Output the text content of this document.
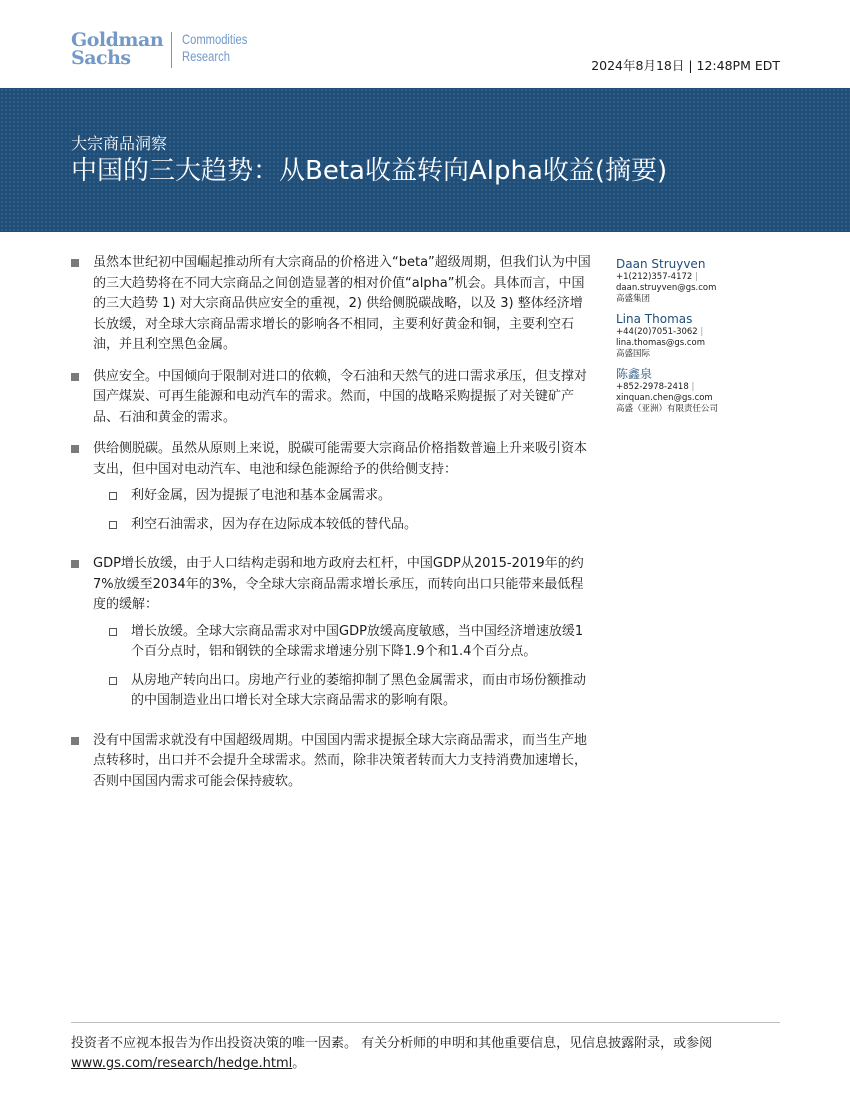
Goldman
Sachs
Commodities
Research
2024年8月18日 | 12:48PM EDT
大宗商品洞察
中国的三大趋势：从Beta收益转向Alpha收益(摘要)
虽然本世纪初中国崛起推动所有大宗商品的价格进入“beta”超级周期，但我们认为中国的三大趋势将在不同大宗商品之间创造显著的相对价值“alpha”机会。具体而言，中国的三大趋势 1) 对大宗商品供应安全的重视，2) 供给侧脱碳战略，以及 3) 整体经济增长放缓，对全球大宗商品需求增长的影响各不相同，主要利好黄金和铜，主要利空石油，并且利空黑色金属。
供应安全。中国倾向于限制对进口的依赖，令石油和天然气的进口需求承压，但支撑对国产煤炭、可再生能源和电动汽车的需求。然而，中国的战略采购提振了对关键矿产品、石油和黄金的需求。
供给侧脱碳。虽然从原则上来说，脱碳可能需要大宗商品价格指数普遍上升来吸引资本支出，但中国对电动汽车、电池和绿色能源给予的供给侧支持：
利好金属，因为提振了电池和基本金属需求。
利空石油需求，因为存在边际成本较低的替代品。
GDP增长放缓，由于人口结构走弱和地方政府去杠杆，中国GDP从2015-2019年的约7%放缓至2034年的3%，令全球大宗商品需求增长承压，而转向出口只能带来最低程度的缓解：
增长放缓。全球大宗商品需求对中国GDP放缓高度敏感，当中国经济增速放缓1个百分点时，铝和钢铁的全球需求增速分别下降1.9个和1.4个百分点。
从房地产转向出口。房地产行业的萎缩抑制了黑色金属需求，而由市场份额推动的中国制造业出口增长对全球大宗商品需求的影响有限。
没有中国需求就没有中国超级周期。中国国内需求提振全球大宗商品需求，而当生产地点转移时，出口并不会提升全球需求。然而，除非决策者转而大力支持消费加速增长，否则中国国内需求可能会保持疲软。
Daan Struyven
+1(212)357-4172 |
daan.struyven@gs.com
高盛集团
Lina Thomas
+44(20)7051-3062 |
lina.thomas@gs.com
高盛国际
陈鑫泉
+852-2978-2418 |
xinquan.chen@gs.com
高盛（亚洲）有限责任公司
投资者不应视本报告为作出投资决策的唯一因素。 有关分析师的申明和其他重要信息，见信息披露附录，或参阅
www.gs.com/research/hedge.html。
